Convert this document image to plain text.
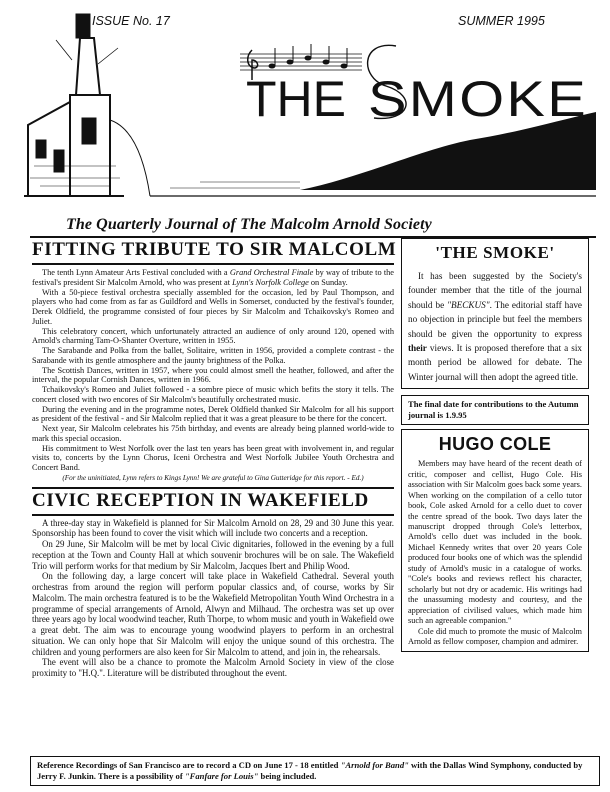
THE SMOKE
ISSUE No. 17	SUMMER 1995
The Quarterly Journal of The Malcolm Arnold Society
FITTING TRIBUTE TO SIR MALCOLM

The tenth Lynn Amateur Arts Festival concluded with a Grand Orchestral Finale by way of tribute to the festival's president Sir Malcolm Arnold, who was present at Lynn's Norfolk College on Sunday.

With a 50-piece festival orchestra specially assembled for the occasion, led by Paul Thompson, and players who had come from as far as Guildford and Wells in Somerset, conducted by the festival's founder, Derek Oldfield, the programme consisted of four pieces by Sir Malcolm and Tchaikovsky's Romeo and Juliet.

This celebratory concert, which unfortunately attracted an audience of only around 120, opened with Arnold's charming Tam-O-Shanter Overture, written in 1955.

The Sarabande and Polka from the ballet, Solitaire, written in 1956, provided a complete contrast - the Sarabande with its gentle atmosphere and the jaunty brightness of the Polka.

The Scottish Dances, written in 1957, where you could almost smell the heather, followed, and after the interval, the popular Cornish Dances, written in 1966.

Tchaikovsky's Romeo and Juliet followed - a sombre piece of music which befits the story it tells. The concert closed with two encores of Sir Malcolm's beautifully orchestrated music.

During the evening and in the programme notes, Derek Oldfield thanked Sir Malcolm for all his support as president of the festival - and Sir Malcolm replied that it was a great pleasure to be there for the concert.

Next year, Sir Malcolm celebrates his 75th birthday, and events are already being planned world-wide to mark this special occasion.

His commitment to West Norfolk over the last ten years has been great with involvement in, and regular visits to, concerts by the Lynn Chorus, Iceni Orchestra and West Norfolk Jubilee Youth Orchestra and Concert Band.

(For the uninitiated, Lynn refers to Kings Lynn! We are grateful to Gina Gutteridge for this report. - Ed.)

CIVIC RECEPTION IN WAKEFIELD

A three-day stay in Wakefield is planned for Sir Malcolm Arnold on 28, 29 and 30 June this year. Sponsorship has been found to cover the visit which will include two concerts and a reception.

On 29 June, Sir Malcolm will be met by local Civic dignitaries, followed in the evening by a full reception at the Town and County Hall at which souvenir brochures will be on sale. The Wakefield Trio will perform works for that medium by Sir Malcolm, Jacques Ibert and Philip Wood.

On the following day, a large concert will take place in Wakefield Cathedral. Several youth orchestras from around the region will perform popular classics and, of course, works by Sir Malcolm. The main orchestra featured is to be the Wakefield Metropolitan Youth Wind Orchestra in a programme of special arrangements of Arnold, Alwyn and Milhaud. The orchestra was set up over three years ago by local woodwind teacher, Ruth Thorpe, to whom music and youth in Wakefield owe a great debt. The aim was to encourage young woodwind players to perform in an orchestral situation. We can only hope that Sir Malcolm will enjoy the unique sound of this orchestra. The children and young performers are also keen for Sir Malcolm to attend, and join in, the rehearsals.

The event will also be a chance to promote the Malcolm Arnold Society in view of the close proximity to "H.Q.". Literature will be distributed throughout the event.

'THE SMOKE'

It has been suggested by the Society's founder member that the title of the journal should be "BECKUS". The editorial staff have no objection in principle but feel the members should be given the opportunity to express their views. It is proposed therefore that a six month period be allowed for debate. The Winter journal will then adopt the agreed title.

The final date for contributions to the Autumn journal is 1.9.95
HUGO COLE

Members may have heard of the recent death of critic, composer and cellist, Hugo Cole. His association with Sir Malcolm goes back some years. When working on the compilation of a cello tutor book, Cole asked Arnold for a cello duet to cover the centre spread of the book. Two days later the manuscript dropped through Cole's letterbox, Arnold's cello duet was included in the book. Michael Kennedy writes that over 20 years Cole produced four books one of which was the splendid study of Arnold's music in a catalogue of works. "Cole's books and reviews reflect his character, scholarly but not dry or academic. His writings had the unassuming modesty and courtesy, and the appreciation of civilised values, which made him such an agreeable companion."

Cole did much to promote the music of Malcolm Arnold as fellow composer, champion and admirer.

Reference Recordings of San Francisco are to record a CD on June 17 - 18 entitled "Arnold for Band" with the Dallas Wind Symphony, conducted by Jerry F. Junkin. There is a possibility of "Fanfare for Louis" being included.
